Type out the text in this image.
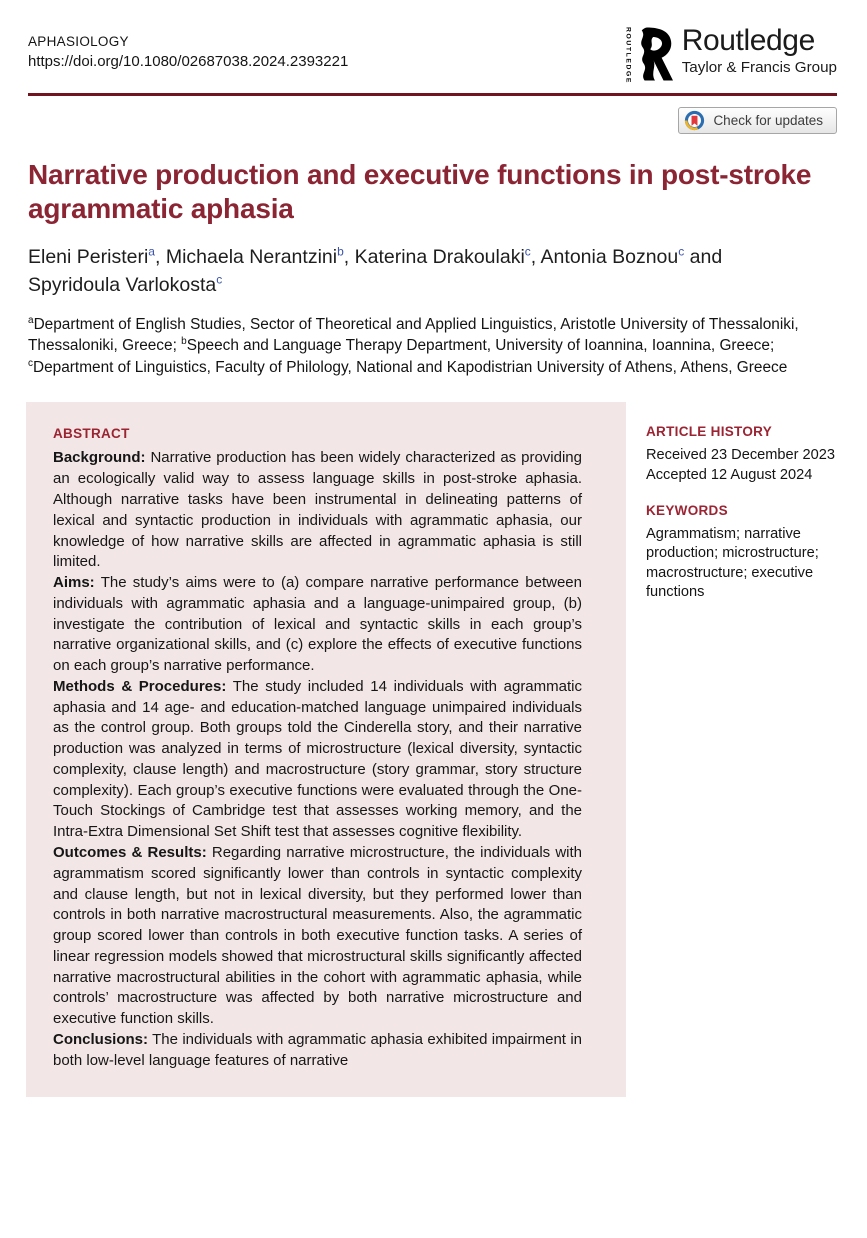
APHASIOLOGY
https://doi.org/10.1080/02687038.2024.2393221	ROUTLEDGE Routledge
Taylor & Francis Group
Check for updates
Narrative production and executive functions in post-stroke agrammatic aphasia
Eleni Peristeri$^a$, Michaela Nerantzini$^b$, Katerina Drakoulaki$^c$, Antonia Boznou$^c$ and Spyridoula Varlokosta$^c$
$^a$Department of English Studies, Sector of Theoretical and Applied Linguistics, Aristotle University of Thessaloniki, Thessaloniki, Greece; $^b$Speech and Language Therapy Department, University of Ioannina, Ioannina, Greece; $^c$Department of Linguistics, Faculty of Philology, National and Kapodistrian University of Athens, Athens, Greece
ABSTRACT

Background: Narrative production has been widely characterized as providing an ecologically valid way to assess language skills in post-stroke aphasia. Although narrative tasks have been instrumental in delineating patterns of lexical and syntactic production in individuals with agrammatic aphasia, our knowledge of how narrative skills are affected in agrammatic aphasia is still limited.

Aims: The study’s aims were to (a) compare narrative performance between individuals with agrammatic aphasia and a language-unimpaired group, (b) investigate the contribution of lexical and syntactic skills in each group’s narrative organizational skills, and (c) explore the effects of executive functions on each group’s narrative performance.

Methods & Procedures: The study included 14 individuals with agrammatic aphasia and 14 age- and education-matched language unimpaired individuals as the control group. Both groups told the Cinderella story, and their narrative production was analyzed in terms of microstructure (lexical diversity, syntactic complexity, clause length) and macrostructure (story grammar, story structure complexity). Each group’s executive functions were evaluated through the One-Touch Stockings of Cambridge test that assesses working memory, and the Intra-Extra Dimensional Set Shift test that assesses cognitive flexibility.

Outcomes & Results: Regarding narrative microstructure, the individuals with agrammatism scored significantly lower than controls in syntactic complexity and clause length, but not in lexical diversity, but they performed lower than controls in both narrative macrostructural measurements. Also, the agrammatic group scored lower than controls in both executive function tasks. A series of linear regression models showed that microstructural skills significantly affected narrative macrostructural abilities in the cohort with agrammatic aphasia, while controls’ macrostructure was affected by both narrative microstructure and executive function skills.

Conclusions: The individuals with agrammatic aphasia exhibited impairment in both low-level language features of narrative

ARTICLE HISTORY
Received 23 December 2023
Accepted 12 August 2024
KEYWORDS
Agrammatism; narrative production; microstructure; macrostructure; executive functions
